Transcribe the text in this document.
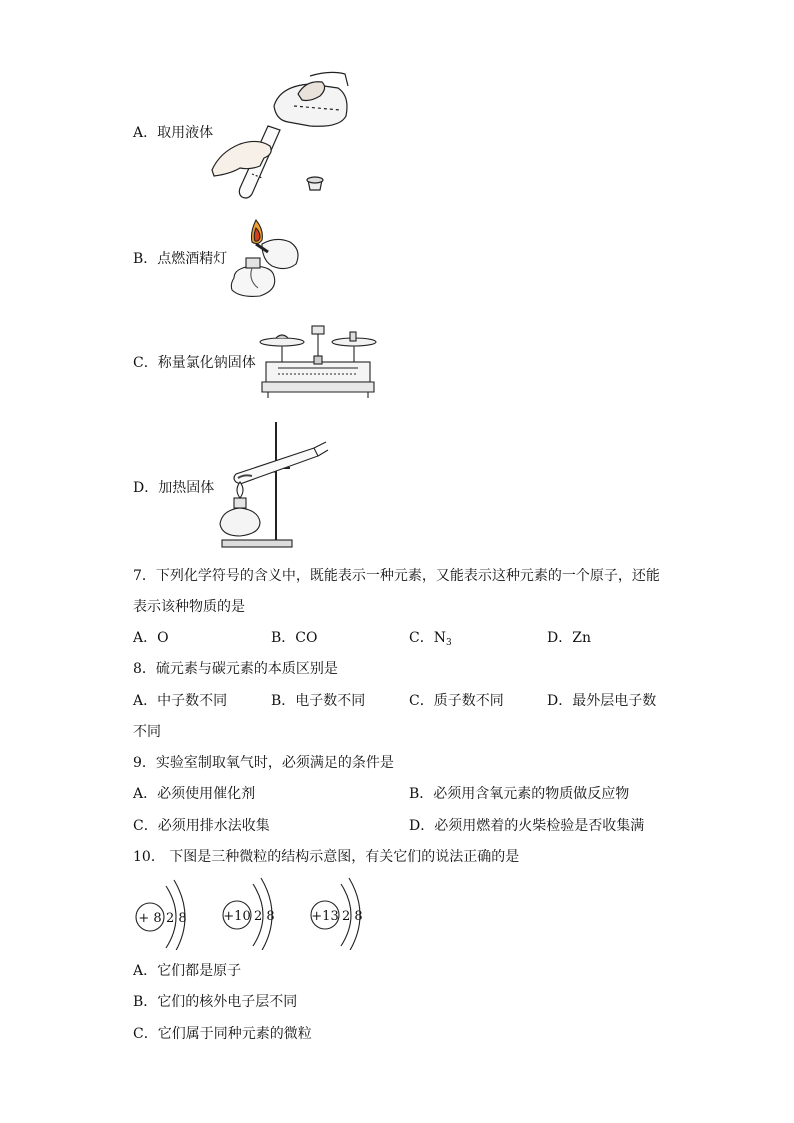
A．取用液体
B．点燃酒精灯
C．称量氯化钠固体
D．加热固体
7．下列化学符号的含义中，既能表示一种元素，又能表示这种元素的一个原子，还能
表示该种物质的是
A．O	B．CO	C．$N_3$	D．Zn
8．硫元素与碳元素的本质区别是
A．中子数不同	B．电子数不同	C．质子数不同	D．最外层电子数
不同
9．实验室制取氧气时，必须满足的条件是
A．必须使用催化剂	B．必须用含氧元素的物质做反应物
C．必须用排水法收集	D．必须用燃着的火柴检验是否收集满
10． 下图是三种微粒的结构示意图，有关它们的说法正确的是
+ 8 2 8	+10 2 8	+13 2 8
A．它们都是原子
B．它们的核外电子层不同
C．它们属于同种元素的微粒
